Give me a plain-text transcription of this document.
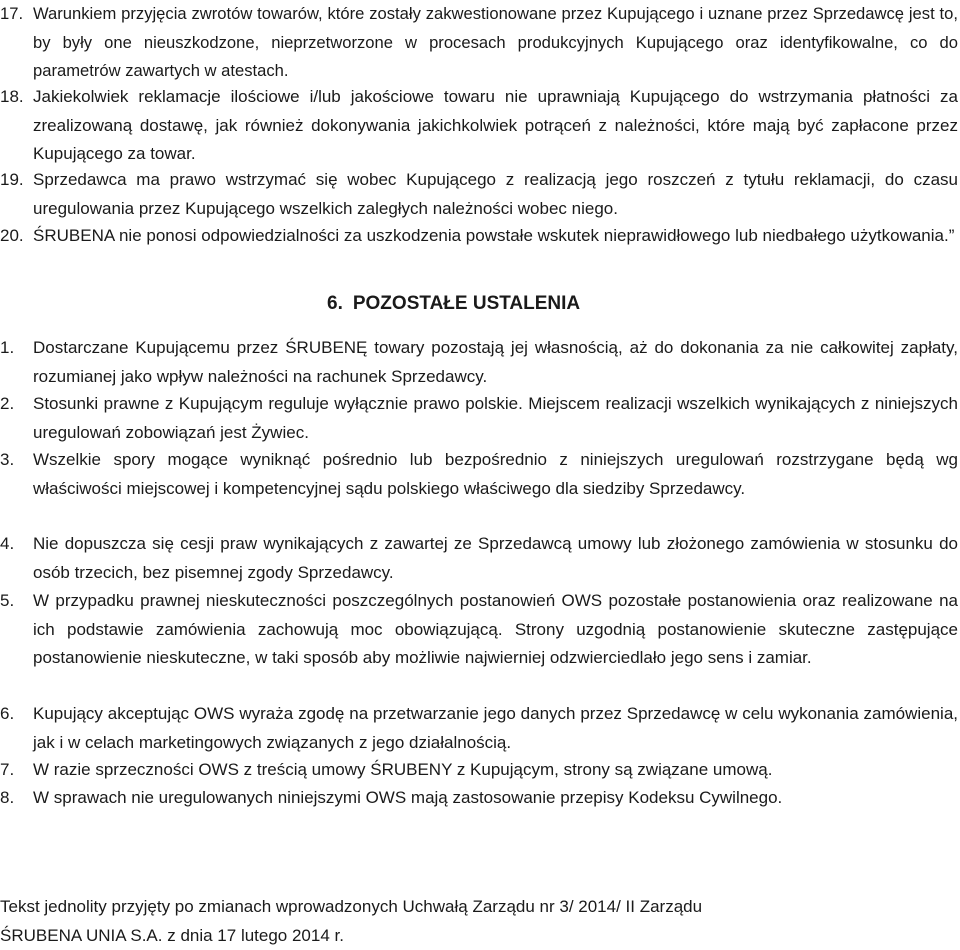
17. Warunkiem przyjęcia zwrotów towarów, które zostały zakwestionowane przez Kupującego i uznane przez Sprzedawcę jest to, by były one nieuszkodzone, nieprzetworzone w procesach produkcyjnych Kupującego oraz identyfikowalne, co do parametrów zawartych w atestach.
18. Jakiekolwiek reklamacje ilościowe i/lub jakościowe towaru nie uprawniają Kupującego do wstrzymania płatności za zrealizowaną dostawę, jak również dokonywania jakichkolwiek potrąceń z należności, które mają być zapłacone przez Kupującego za towar.
19. Sprzedawca ma prawo wstrzymać się wobec Kupującego z realizacją jego roszczeń z tytułu reklamacji, do czasu uregulowania przez Kupującego wszelkich zaległych należności wobec niego.
20. ŚRUBENA nie ponosi odpowiedzialności za uszkodzenia powstałe wskutek nieprawidłowego lub niedbałego użytkowania.”
6. POZOSTAŁE USTALENIA
1. Dostarczane Kupującemu przez ŚRUBENĘ towary pozostają jej własnością, aż do dokonania za nie całkowitej zapłaty, rozumianej jako wpływ należności na rachunek Sprzedawcy.
2. Stosunki prawne z Kupującym reguluje wyłącznie prawo polskie. Miejscem realizacji wszelkich wynikających z niniejszych uregulowań zobowiązań jest Żywiec.
3. Wszelkie spory mogące wyniknąć pośrednio lub bezpośrednio z niniejszych uregulowań rozstrzygane będą wg właściwości miejscowej i kompetencyjnej sądu polskiego właściwego dla siedziby Sprzedawcy.
4. Nie dopuszcza się cesji praw wynikających z zawartej ze Sprzedawcą umowy lub złożonego zamówienia w stosunku do osób trzecich, bez pisemnej zgody Sprzedawcy.
5. W przypadku prawnej nieskuteczności poszczególnych postanowień OWS pozostałe postanowienia oraz realizowane na ich podstawie zamówienia zachowują moc obowiązującą. Strony uzgodnią postanowienie skuteczne zastępujące postanowienie nieskuteczne, w taki sposób aby możliwie najwierniej odzwierciedlało jego sens i zamiar.
6. Kupujący akceptując OWS wyraża zgodę na przetwarzanie jego danych przez Sprzedawcę w celu wykonania zamówienia, jak i w celach marketingowych związanych z jego działalnością.
7. W razie sprzeczności OWS z treścią umowy ŚRUBENY z Kupującym, strony są związane umową.
8. W sprawach nie uregulowanych niniejszymi OWS mają zastosowanie przepisy Kodeksu Cywilnego.
Tekst jednolity przyjęty po zmianach wprowadzonych Uchwałą Zarządu nr 3/ 2014/ II Zarządu
ŚRUBENA UNIA S.A. z dnia 17 lutego 2014 r.
